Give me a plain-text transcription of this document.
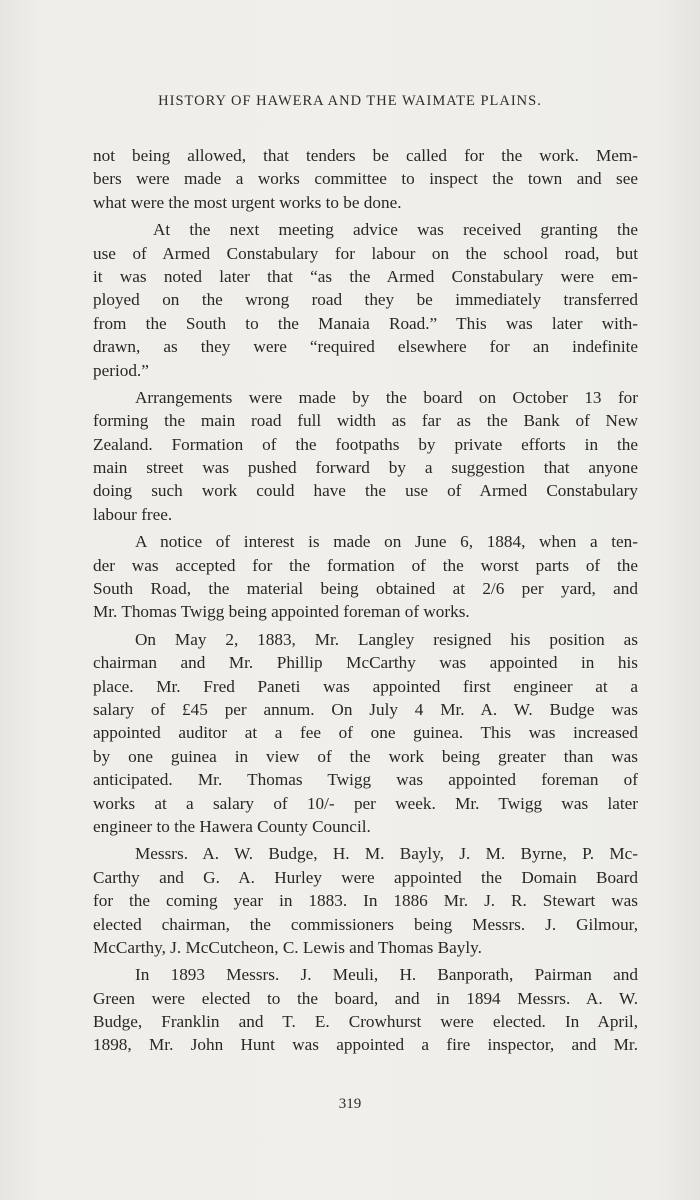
HISTORY OF HAWERA AND THE WAIMATE PLAINS.
not being allowed, that tenders be called for the work. Mem-
bers were made a works committee to inspect the town and see
what were the most urgent works to be done.
At the next meeting advice was received granting the
use of Armed Constabulary for labour on the school road, but
it was noted later that “as the Armed Constabulary were em-
ployed on the wrong road they be immediately transferred
from the South to the Manaia Road.” This was later with-
drawn, as they were “required elsewhere for an indefinite
period.”
Arrangements were made by the board on October 13 for
forming the main road full width as far as the Bank of New
Zealand. Formation of the footpaths by private efforts in the
main street was pushed forward by a suggestion that anyone
doing such work could have the use of Armed Constabulary
labour free.
A notice of interest is made on June 6, 1884, when a ten-
der was accepted for the formation of the worst parts of the
South Road, the material being obtained at 2/6 per yard, and
Mr. Thomas Twigg being appointed foreman of works.
On May 2, 1883, Mr. Langley resigned his position as
chairman and Mr. Phillip McCarthy was appointed in his
place. Mr. Fred Paneti was appointed first engineer at a
salary of £45 per annum. On July 4 Mr. A. W. Budge was
appointed auditor at a fee of one guinea. This was increased
by one guinea in view of the work being greater than was
anticipated. Mr. Thomas Twigg was appointed foreman of
works at a salary of 10/- per week. Mr. Twigg was later
engineer to the Hawera County Council.
Messrs. A. W. Budge, H. M. Bayly, J. M. Byrne, P. Mc-
Carthy and G. A. Hurley were appointed the Domain Board
for the coming year in 1883. In 1886 Mr. J. R. Stewart was
elected chairman, the commissioners being Messrs. J. Gilmour,
McCarthy, J. McCutcheon, C. Lewis and Thomas Bayly.
In 1893 Messrs. J. Meuli, H. Banporath, Pairman and
Green were elected to the board, and in 1894 Messrs. A. W.
Budge, Franklin and T. E. Crowhurst were elected. In April,
1898, Mr. John Hunt was appointed a fire inspector, and Mr.
319
